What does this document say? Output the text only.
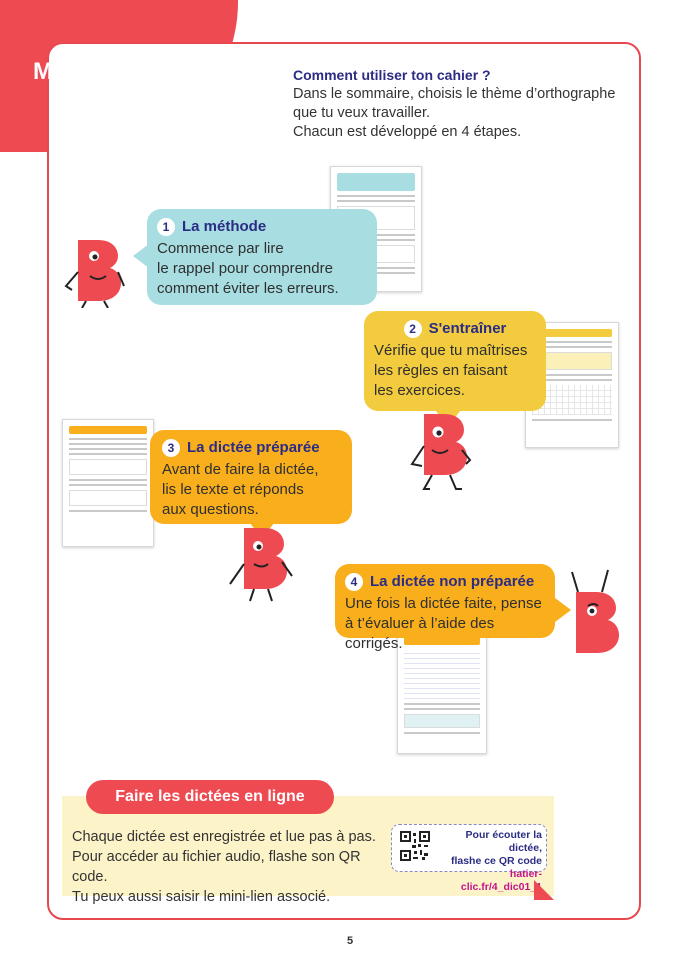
Mode d'emploi	Comment utiliser ton cahier ?
Dans le sommaire, choisis le thème d’orthographe
que tu veux travailler.
Chacun est développé en 4 étapes.
1 La méthode
Commence par lire
le rappel pour comprendre
comment éviter les erreurs.
2 S'entraîner
Vérifie que tu maîtrises
les règles en faisant
les exercices.
3 La dictée préparée
Avant de faire la dictée,
lis le texte et réponds
aux questions.
4 La dictée non préparée
Une fois la dictée faite, pense
à t’évaluer à l’aide des corrigés.
Faire les dictées en ligne
Chaque dictée est enregistrée et lue pas à pas.
Pour accéder au fichier audio, flashe son QR code.
Tu peux aussi saisir le mini-lien associé.
Pour écouter la dictée,
flashe ce QR code
hatier-clic.fr/4_dic01_1
5
